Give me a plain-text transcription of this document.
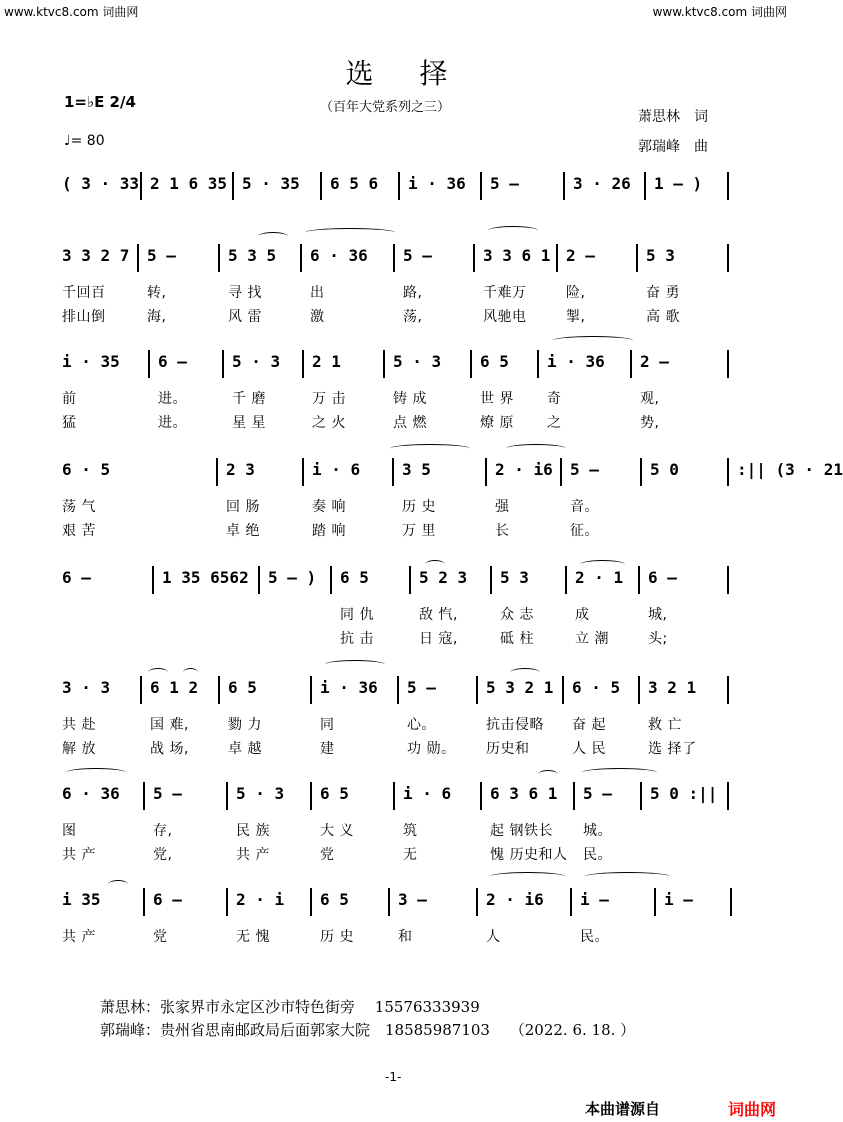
www.ktvc8.com 词曲网	www.ktvc8.com 词曲网
选择
（百年大党系列之三）
1=♭E 2/4
♩= 80
萧思林　词
郭瑞峰　曲
( 3 · 33 2 1 6 35 5 · 35 6 5 6 i · 36 5 —	3 · 26 1 — )
3 3 2 7 5 —	5 3 5 6 · 36 5 —	3 3 6 1 2 —	5 3
千回百	转,	寻 找	出	路,	千难万	险,	奋 勇
排山倒	海,	风 雷	激	荡,	风驰电	掣,	高 歌
i · 35 6 —	5 · 3 2 1	5 · 3 6 5 i · 36 2 —
前	进。	千 磨	万 击	铸 成	世 界 奇	观,
猛	进。	星 星	之 火	点 燃	燎 原 之	势,
6 · 5	2 3	i · 6	3 5	2 · i6 5 —	5 0	:|| (3 · 21
荡 气	回 肠	奏 响	历 史	强	音。
艰 苦	卓 绝	踏 响	万 里	长	征。
6 —	1 35 6562 5 — ) 6 5	5 2 3 5 3	2 · 1 6 —
同 仇	敌 忾,	众 志	成	城,
抗 击	日 寇,	砥 柱	立 潮	头;
3 · 3 6 1 2 6 5	i · 36 5 —	5 3 2 1 6 · 5 3 2 1
共 赴	国 难,	勠 力	同	心。	抗击侵略 奋 起	救 亡
解 放	战 场,	卓 越	建	功 勋。 历史和	人 民	选 择了
6 · 36 5 —	5 · 3 6 5	i · 6 6 3 6 1 5 — 5 0 :||
图	存,	民 族	大 义	筑	起 钢铁长 城。
共 产	党,	共 产	党	无	愧 历史和人 民。
i 35	6 —	2 · i 6 5	3 —	2 · i6 i —	i —
共 产	党	无 愧	历 史	和	人	民。
萧思林：张家界市永定区沙市特色街旁　 15576333939
郭瑞峰：贵州省思南邮政局后面郭家大院　18585987103　 （2022. 6. 18. ）
-1-
本曲谱源自	词曲网
